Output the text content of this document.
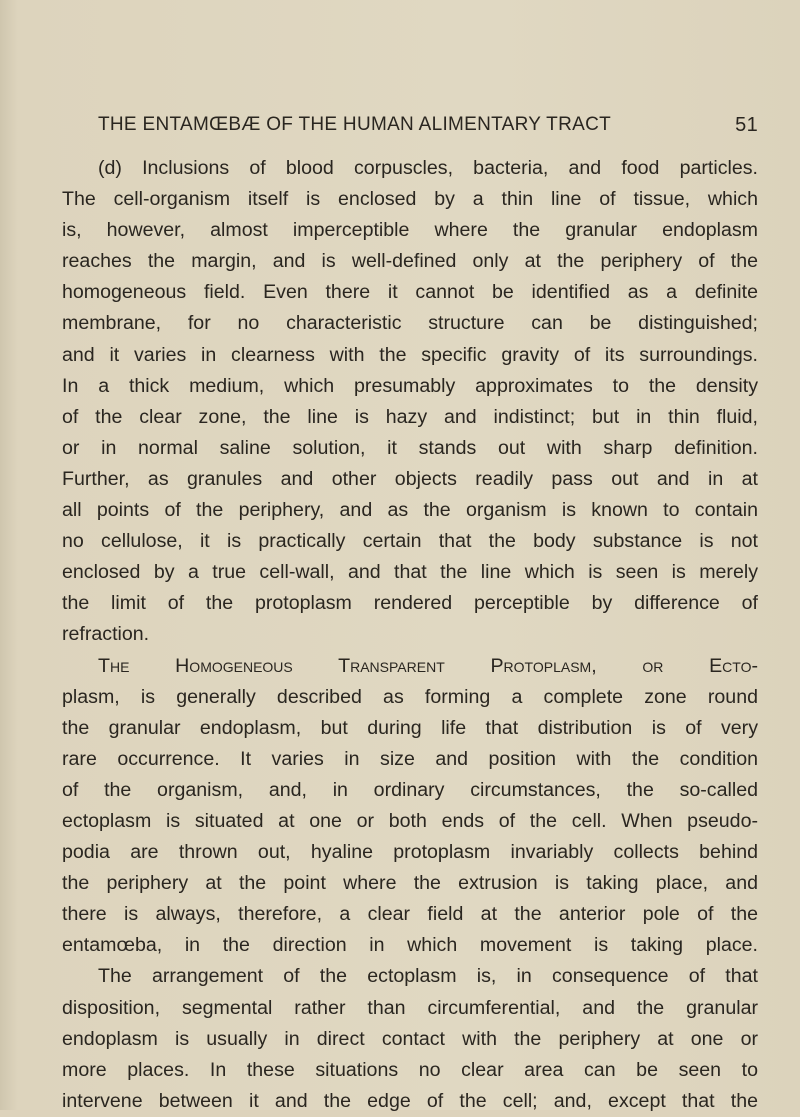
THE ENTAMŒBÆ OF THE HUMAN ALIMENTARY TRACT	51
(d) Inclusions of blood corpuscles, bacteria, and food particles.
The cell-organism itself is enclosed by a thin line of tissue, which
is, however, almost imperceptible where the granular endoplasm
reaches the margin, and is well-defined only at the periphery of the
homogeneous field. Even there it cannot be identified as a definite
membrane, for no characteristic structure can be distinguished;
and it varies in clearness with the specific gravity of its surroundings.
In a thick medium, which presumably approximates to the density
of the clear zone, the line is hazy and indistinct; but in thin fluid,
or in normal saline solution, it stands out with sharp definition.
Further, as granules and other objects readily pass out and in at
all points of the periphery, and as the organism is known to contain
no cellulose, it is practically certain that the body substance is not
enclosed by a true cell-wall, and that the line which is seen is merely
the limit of the protoplasm rendered perceptible by difference of
refraction.
The Homogeneous Transparent Protoplasm, or Ecto-
plasm, is generally described as forming a complete zone round
the granular endoplasm, but during life that distribution is of very
rare occurrence. It varies in size and position with the condition
of the organism, and, in ordinary circumstances, the so-called
ectoplasm is situated at one or both ends of the cell. When pseudo-
podia are thrown out, hyaline protoplasm invariably collects behind
the periphery at the point where the extrusion is taking place, and
there is always, therefore, a clear field at the anterior pole of the
entamœba, in the direction in which movement is taking place.
The arrangement of the ectoplasm is, in consequence of that
disposition, segmental rather than circumferential, and the granular
endoplasm is usually in direct contact with the periphery at one or
more places. In these situations no clear area can be seen to
intervene between it and the edge of the cell; and, except that the
